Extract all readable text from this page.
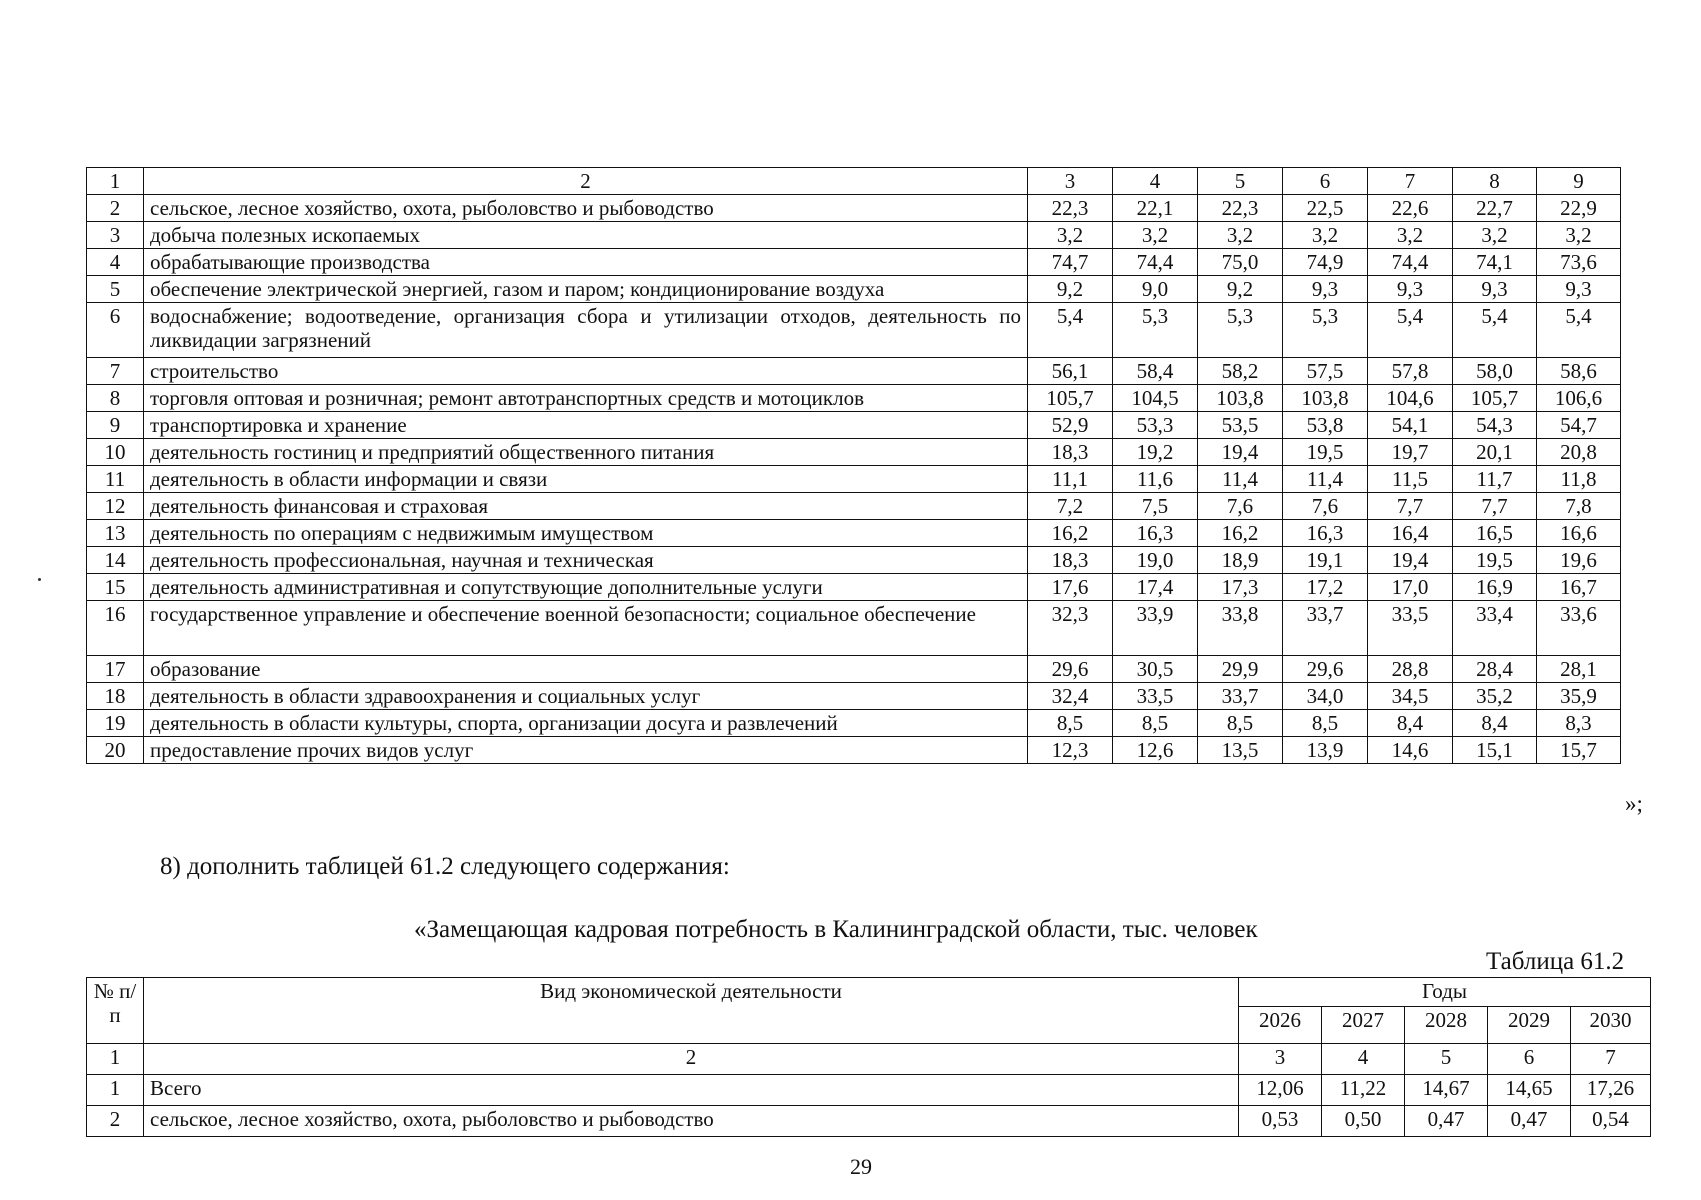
1	2	3	4	5	6	7	8	9
2	сельское, лесное хозяйство, охота, рыболовство и рыбоводство	22,3	22,1	22,3	22,5	22,6	22,7	22,9
3	добыча полезных ископаемых	3,2	3,2	3,2	3,2	3,2	3,2	3,2
4	обрабатывающие производства	74,7	74,4	75,0	74,9	74,4	74,1	73,6
5	обеспечение электрической энергией, газом и паром; кондиционирование воздуха	9,2	9,0	9,2	9,3	9,3	9,3	9,3
6	водоснабжение; водоотведение, организация сбора и утилизации отходов, деятельность по ликвидации загрязнений	5,4	5,3	5,3	5,3	5,4	5,4	5,4
7	строительство	56,1	58,4	58,2	57,5	57,8	58,0	58,6
8	торговля оптовая и розничная; ремонт автотранспортных средств и мотоциклов	105,7	104,5	103,8	103,8	104,6	105,7	106,6
9	транспортировка и хранение	52,9	53,3	53,5	53,8	54,1	54,3	54,7
10	деятельность гостиниц и предприятий общественного питания	18,3	19,2	19,4	19,5	19,7	20,1	20,8
11	деятельность в области информации и связи	11,1	11,6	11,4	11,4	11,5	11,7	11,8
12	деятельность финансовая и страховая	7,2	7,5	7,6	7,6	7,7	7,7	7,8
13	деятельность по операциям с недвижимым имуществом	16,2	16,3	16,2	16,3	16,4	16,5	16,6
14	деятельность профессиональная, научная и техническая	18,3	19,0	18,9	19,1	19,4	19,5	19,6
15	деятельность административная и сопутствующие дополнительные услуги	17,6	17,4	17,3	17,2	17,0	16,9	16,7
16	государственное управление и обеспечение военной безопасности; социальное обеспечение	32,3	33,9	33,8	33,7	33,5	33,4	33,6
17	образование	29,6	30,5	29,9	29,6	28,8	28,4	28,1
18	деятельность в области здравоохранения и социальных услуг	32,4	33,5	33,7	34,0	34,5	35,2	35,9
19	деятельность в области культуры, спорта, организации досуга и развлечений	8,5	8,5	8,5	8,5	8,4	8,4	8,3
20	предоставление прочих видов услуг	12,3	12,6	13,5	13,9	14,6	15,1	15,7
»;
8) дополнить таблицей 61.2 следующего содержания:
«Замещающая кадровая потребность в Калининградской области, тыс. человек
Таблица 61.2
№ п/п	Вид экономической деятельности	Годы				
		2026	2027	2028	2029	2030
1	2	3	4	5	6	7
1	Всего	12,06	11,22	14,67	14,65	17,26
2	сельское, лесное хозяйство, охота, рыболовство и рыбоводство	0,53	0,50	0,47	0,47	0,54
29
